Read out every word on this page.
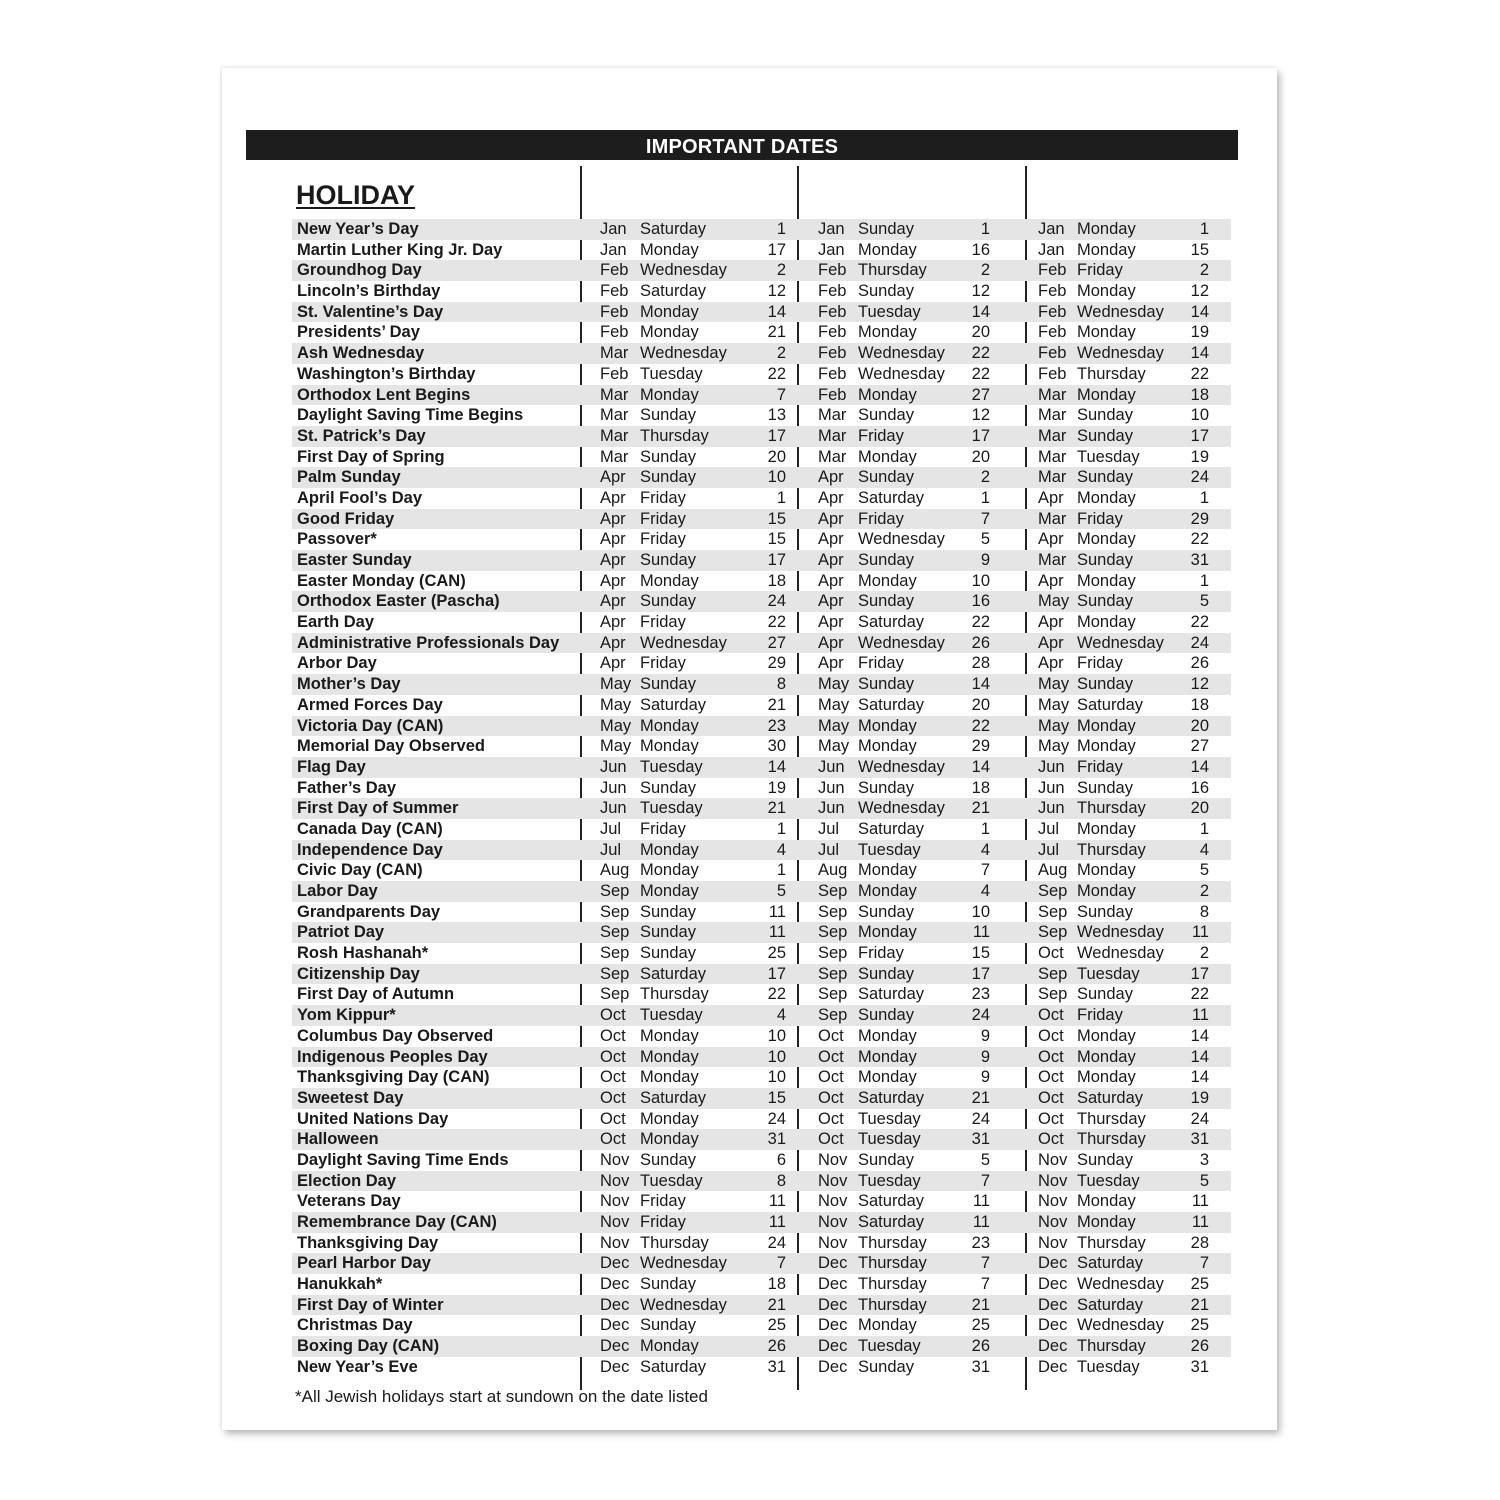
IMPORTANT DATES
HOLIDAY
New Year’s Day	Jan Saturday	1 Jan Sunday	1	Jan Monday	1
Martin Luther King Jr. Day	Jan Monday	17 Jan Monday	16	Jan Monday	15
Groundhog Day	Feb Wednesday	2 Feb Thursday	2	Feb Friday	2
Lincoln’s Birthday	Feb Saturday	12 Feb Sunday	12	Feb Monday	12
St. Valentine’s Day	Feb Monday	14 Feb Tuesday	14	Feb Wednesday 14
Presidents’ Day	Feb Monday	21 Feb Monday	20	Feb Monday	19
Ash Wednesday	Mar Wednesday	2 Feb Wednesday 22	Feb Wednesday 14
Washington’s Birthday	Feb Tuesday	22 Feb Wednesday 22	Feb Thursday	22
Orthodox Lent Begins	Mar Monday	7 Feb Monday	27	Mar Monday	18
Daylight Saving Time Begins	Mar Sunday	13 Mar Sunday	12	Mar Sunday	10
St. Patrick’s Day	Mar Thursday	17 Mar Friday	17	Mar Sunday	17
First Day of Spring	Mar Sunday	20 Mar Monday	20	Mar Tuesday	19
Palm Sunday	Apr Sunday	10 Apr Sunday	2	Mar Sunday	24
April Fool’s Day	Apr Friday	1 Apr Saturday	1	Apr Monday	1
Good Friday	Apr Friday	15 Apr Friday	7	Mar Friday	29
Passover*	Apr Friday	15 Apr Wednesday 5	Apr Monday	22
Easter Sunday	Apr Sunday	17 Apr Sunday	9	Mar Sunday	31
Easter Monday (CAN)	Apr Monday	18 Apr Monday	10	Apr Monday	1
Orthodox Easter (Pascha)	Apr Sunday	24 Apr Sunday	16	May Sunday	5
Earth Day	Apr Friday	22 Apr Saturday	22	Apr Monday	22
Administrative Professionals Day Apr Wednesday 27 Apr Wednesday 26	Apr Wednesday 24
Arbor Day	Apr Friday	29 Apr Friday	28	Apr Friday	26
Mother’s Day	May Sunday	8 May Sunday	14	May Sunday	12
Armed Forces Day	May Saturday	21 May Saturday	20	May Saturday	18
Victoria Day (CAN)	May Monday	23 May Monday	22	May Monday	20
Memorial Day Observed	May Monday	30 May Monday	29	May Monday	27
Flag Day	Jun Tuesday	14 Jun Wednesday 14	Jun Friday	14
Father’s Day	Jun Sunday	19 Jun Sunday	18	Jun Sunday	16
First Day of Summer	Jun Tuesday	21 Jun Wednesday 21	Jun Thursday	20
Canada Day (CAN)	Jul Friday	1 Jul Saturday	1	Jul Monday	1
Independence Day	Jul Monday	4 Jul Tuesday	4	Jul Thursday	4
Civic Day (CAN)	Aug Monday	1 Aug Monday	7	Aug Monday	5
Labor Day	Sep Monday	5 Sep Monday	4	Sep Monday	2
Grandparents Day	Sep Sunday	11 Sep Sunday	10	Sep Sunday	8
Patriot Day	Sep Sunday	11 Sep Monday	11	Sep Wednesday 11
Rosh Hashanah*	Sep Sunday	25 Sep Friday	15	Oct Wednesday 2
Citizenship Day	Sep Saturday	17 Sep Sunday	17	Sep Tuesday	17
First Day of Autumn	Sep Thursday	22 Sep Saturday	23	Sep Sunday	22
Yom Kippur*	Oct Tuesday	4 Sep Sunday	24	Oct Friday	11
Columbus Day Observed	Oct Monday	10 Oct Monday	9	Oct Monday	14
Indigenous Peoples Day	Oct Monday	10 Oct Monday	9	Oct Monday	14
Thanksgiving Day (CAN)	Oct Monday	10 Oct Monday	9	Oct Monday	14
Sweetest Day	Oct Saturday	15 Oct Saturday	21	Oct Saturday	19
United Nations Day	Oct Monday	24 Oct Tuesday	24	Oct Thursday	24
Halloween	Oct Monday	31 Oct Tuesday	31	Oct Thursday	31
Daylight Saving Time Ends	Nov Sunday	6 Nov Sunday	5	Nov Sunday	3
Election Day	Nov Tuesday	8 Nov Tuesday	7	Nov Tuesday	5
Veterans Day	Nov Friday	11 Nov Saturday	11	Nov Monday	11
Remembrance Day (CAN)	Nov Friday	11 Nov Saturday	11	Nov Monday	11
Thanksgiving Day	Nov Thursday	24 Nov Thursday	23	Nov Thursday	28
Pearl Harbor Day	Dec Wednesday	7 Dec Thursday	7	Dec Saturday	7
Hanukkah*	Dec Sunday	18 Dec Thursday	7	Dec Wednesday 25
First Day of Winter	Dec Wednesday 21 Dec Thursday	21	Dec Saturday	21
Christmas Day	Dec Sunday	25 Dec Monday	25	Dec Wednesday 25
Boxing Day (CAN)	Dec Monday	26 Dec Tuesday	26	Dec Thursday	26
New Year’s Eve	Dec Saturday	31 Dec Sunday	31	Dec Tuesday	31
*All Jewish holidays start at sundown on the date listed
